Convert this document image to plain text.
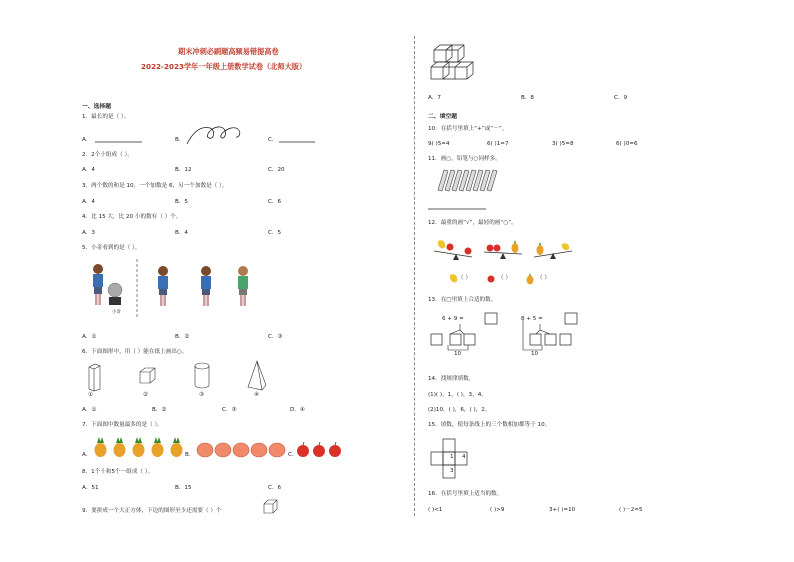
期末冲刺必刷题高频易错提高卷
2022-2023学年一年级上册数学试卷（北师大版）
一、选择题
1．最长的是（ ）。
A．	B．	C．
2．2个十组成（ ）。
A．4	B．12	C．20
3．两个数的和是 10，一个加数是 6，另一个加数是（ ）。
A．4	B．5	C．6
4．比 15 大，比 20 小的数有（ ）个。
A．3	B．4	C．5
5．小奇看到的是（ ）。
小奇
A．①	B．②	C．③
6．下面图形中，用（ ）能在纸上画出○。
①	②	③	④
A．①	B．②	C．③	D．④
7．下面图中数量最多的是（ ）。
A．	B．	C．
8．1个十和5个一组成（ ）。
A．51	B．15	C．6
9．要拼成一个大正方体，下边的图形至少还需要（ ）个
A．7	B．8	C．9
二、填空题
10．在括号里填上“+”或“－”。
9( )5=4	6( )1=7	3( )5=8	6( )0=6
11．画○，铅笔与○同样多。
12．最重的画“√”，最轻的画“○”。
（ ）	（ ）	（ ）
13．在□里填上合适的数。
6 + 9 =
10
8 + 5 =
10
14．找规律填数。
(1)( )，1，( )，3，4。
(2)10，( )，6，( )，2。
15．填数，使每条线上的三个数相加都等于 10。
1 4
3
16．在括号里填上适当的数。
( )<1	( )>9	3+( )=10	( )－2=5
